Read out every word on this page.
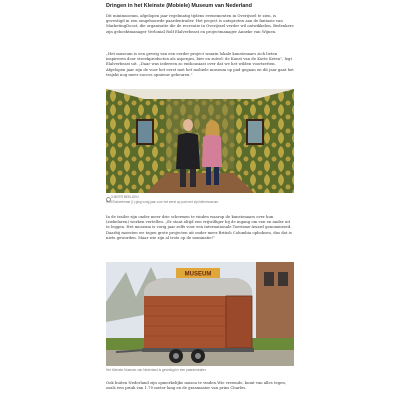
Dringen in het Kleinste (Mobiele) Museum van Nederland

Dit minimuseum, afgelopen jaar regelmatig tijdens evenementen in Overijssel te zien, is gevestigd in een omgebouwde paardentrailer. Het project is ontsproten aan de fantasie van MarketingDoost, die organisatie die de recreatie in Overijssel verder wil ontwikkelen. Bedenkers zijn geboektmanager Verlonial Rolf Elalverbeast en projectmanager Anneke van Wijnen.

„Het museum is een geveig van een eerder project waarin lokale kunstenaars zich lieten inspireren door streekproducten als asperges, bier en zuivel: de Kunst van de Korte Keten”, legt Elalverbeast uit. „Daar was iedereen zo enthousiast over dat we het wilden voortzetten. Afgelopen jaar zijn de voor het eerst met het mobiele museum op pad gegaan en dit jaar gaat het trajekt nog meer succes opnieuw gebeuren.”

3 MEER BEELDEN
Rolf Elalverbeast (l.) ging vorig jaar voor het eerst op pad met zijn kleinmuseum.

In de trailer zijn onder meer drie schermen te vinden waarop de kunstenaars over hun (ziekelaren) werken vertellen. „Er staat altijd een vrijwilliger bij de ingang om een en ander uit te leggen. Het museum is vorig jaar zelfs voor een internationale Toerisme-Award genomineerd. Daarbij moesten we tegen grote projecten uit onder meer British Columbia opboksen, dus dat is niets geworden. Maar wie zijn al trots op de nominatie!”

MUSEUM
Het Kleinste Museum van Nederland is gevestigd in een paardentrailer.

Ook buiten Nederland zijn opmerkelijke musea te vinden.Wie vreemde, komt van alles tegen, zoals een pruik van 1.70 meter lang en de grasmaaier van prins Charles.
